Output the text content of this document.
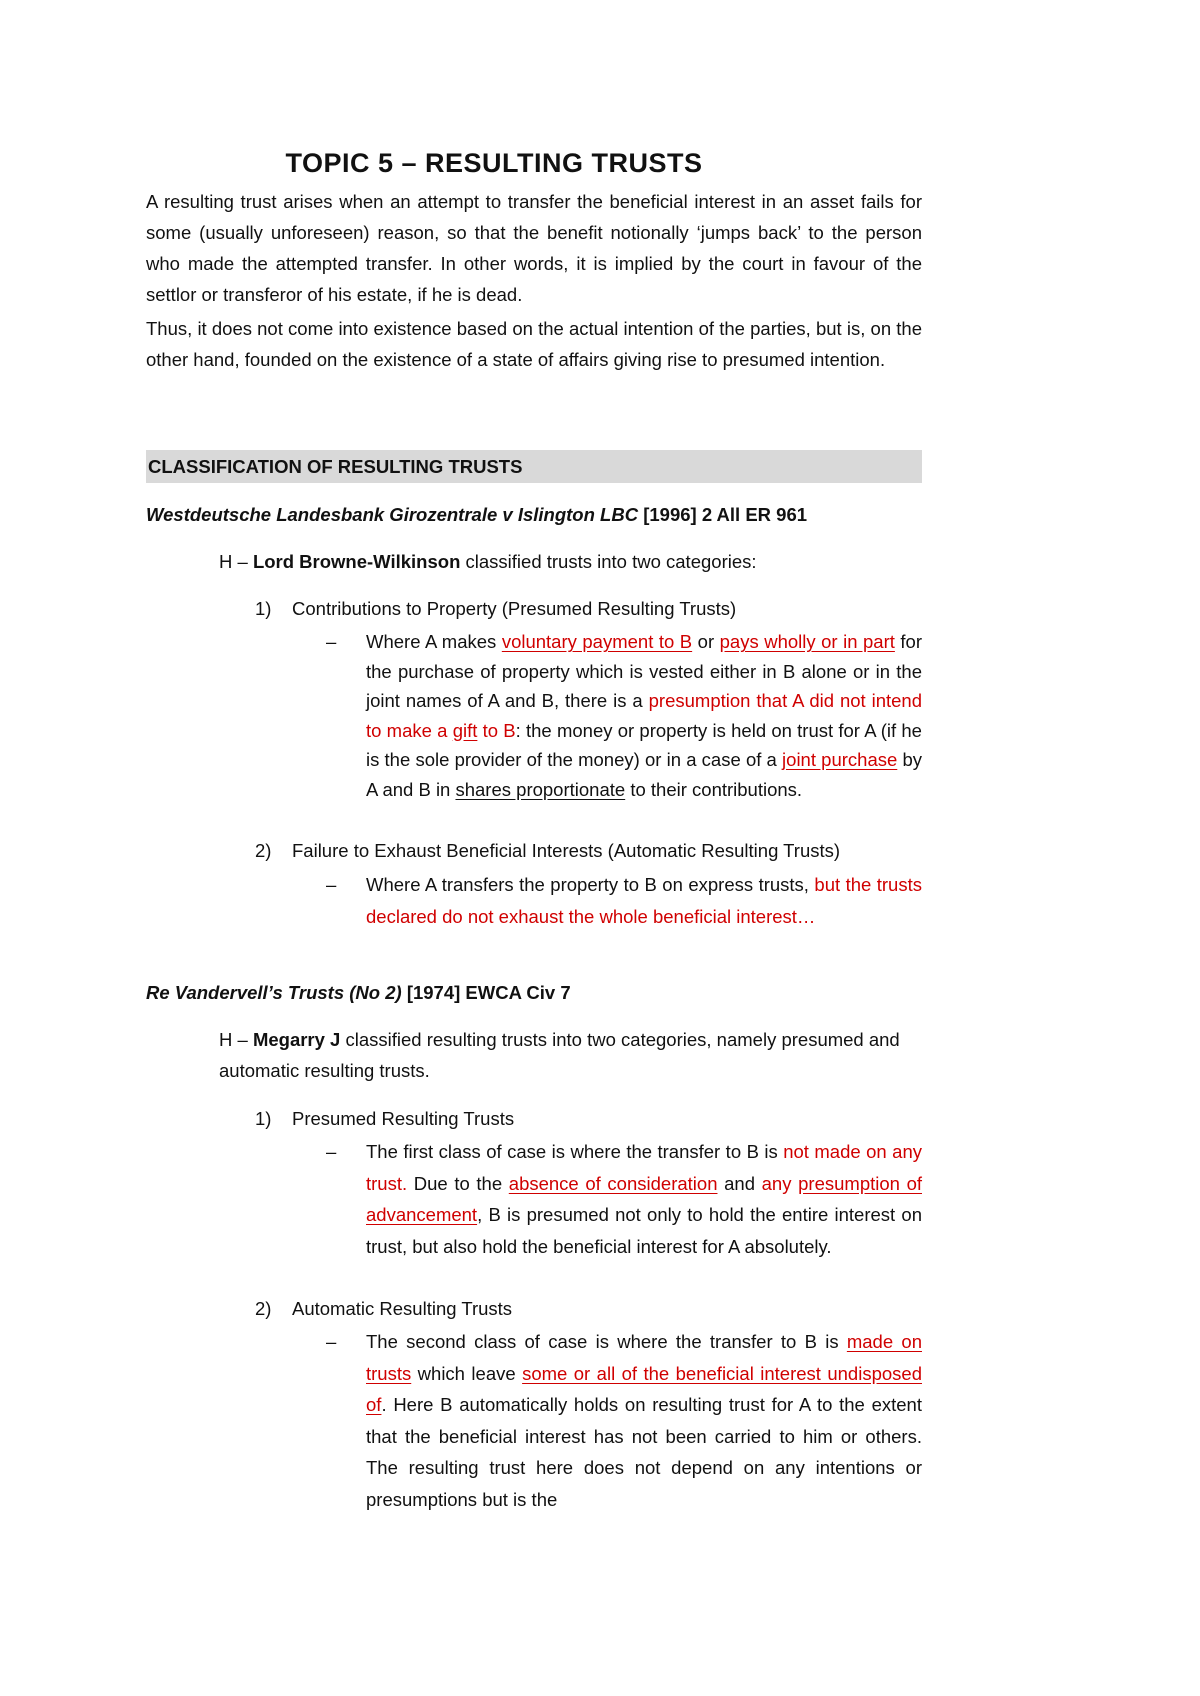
TOPIC 5 – RESULTING TRUSTS

A resulting trust arises when an attempt to transfer the beneficial interest in an asset fails for some (usually unforeseen) reason, so that the benefit notionally ‘jumps back’ to the person who made the attempted transfer. In other words, it is implied by the court in favour of the settlor or transferor of his estate, if he is dead.

Thus, it does not come into existence based on the actual intention of the parties, but is, on the other hand, founded on the existence of a state of affairs giving rise to presumed intention.

CLASSIFICATION OF RESULTING TRUSTS

Westdeutsche Landesbank Girozentrale v Islington LBC [1996] 2 All ER 961

H – Lord Browne-Wilkinson classified trusts into two categories:

1)	Contributions to Property (Presumed Resulting Trusts)

– Where A makes voluntary payment to B or pays wholly or in part for the purchase of property which is vested either in B alone or in the joint names of A and B, there is a presumption that A did not intend to make a gift to B: the money or property is held on trust for A (if he is the sole provider of the money) or in a case of a joint purchase by A and B in shares proportionate to their contributions.

2)	Failure to Exhaust Beneficial Interests (Automatic Resulting Trusts)

– Where A transfers the property to B on express trusts, but the trusts declared do not exhaust the whole beneficial interest…

Re Vandervell’s Trusts (No 2) [1974] EWCA Civ 7

H – Megarry J classified resulting trusts into two categories, namely presumed and automatic resulting trusts.

1)	Presumed Resulting Trusts

– The first class of case is where the transfer to B is not made on any trust. Due to the absence of consideration and any presumption of advancement, B is presumed not only to hold the entire interest on trust, but also hold the beneficial interest for A absolutely.

2)	Automatic Resulting Trusts

– The second class of case is where the transfer to B is made on trusts which leave some or all of the beneficial interest undisposed of. Here B automatically holds on resulting trust for A to the extent that the beneficial interest has not been carried to him or others. The resulting trust here does not depend on any intentions or presumptions but is the
